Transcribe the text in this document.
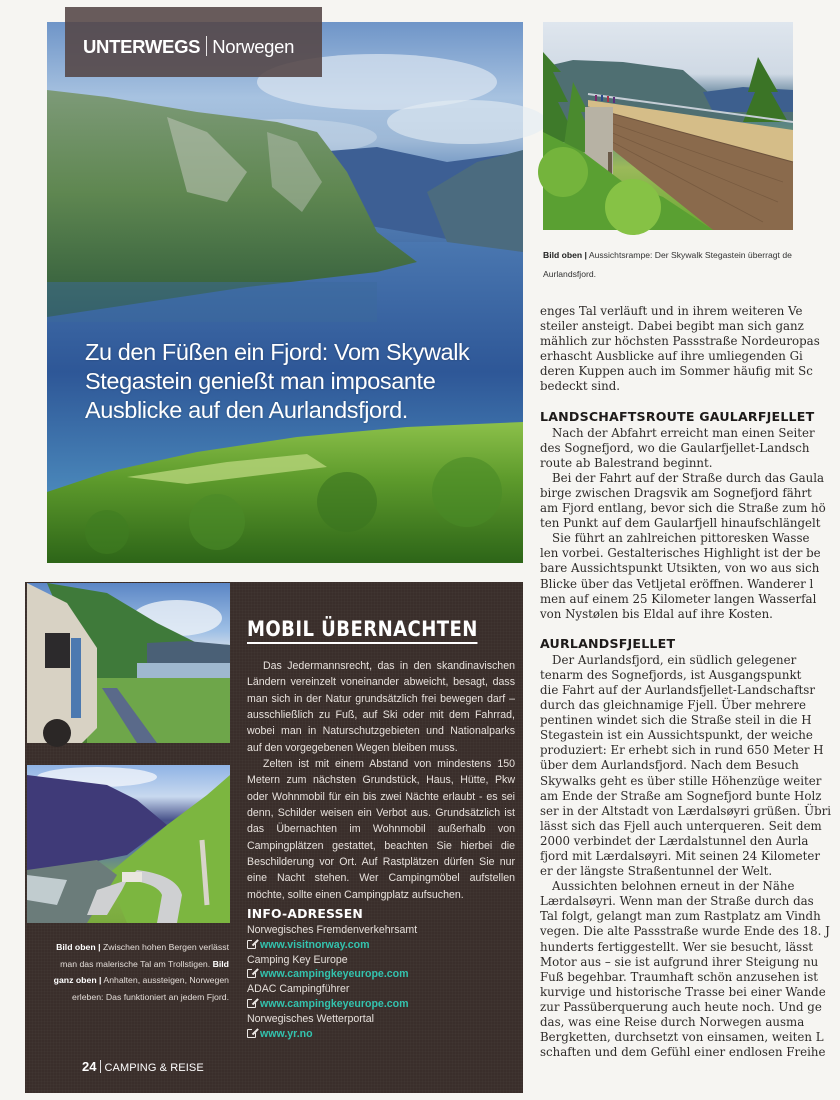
UNTERWEGS Norwegen
Zu den Füßen ein Fjord: Vom Skywalk Stegastein genießt man imposante Ausblicke auf den Aurlandsfjord.
Bild oben | Aussichtsrampe: Der Skywalk Stegastein überragt de
Aurlandsfjord.
enges Tal verläuft und in ihrem weiteren Ve
steiler ansteigt. Dabei begibt man sich ganz
mählich zur höchsten Passstraße Nordeuropas
erhascht Ausblicke auf ihre umliegenden Gi
deren Kuppen auch im Sommer häufig mit Sc
bedeckt sind.
LANDSCHAFTSROUTE GAULARFJELLET
Nach der Abfahrt erreicht man einen Seiter
des Sognefjord, wo die Gaularfjellet-Landsch
route ab Balestrand beginnt.
Bei der Fahrt auf der Straße durch das Gaula
birge zwischen Dragsvik am Sognefjord fährt
am Fjord entlang, bevor sich die Straße zum hö
ten Punkt auf dem Gaularfjell hinaufschlängelt
Sie führt an zahlreichen pittoresken Wasse
len vorbei. Gestalterisches Highlight ist der be
bare Aussichtspunkt Utsikten, von wo aus sich
Blicke über das Vetljetal eröffnen. Wanderer l
men auf einem 25 Kilometer langen Wasserfal
von Nystølen bis Eldal auf ihre Kosten.
AURLANDSFJELLET
Der Aurlandsfjord, ein südlich gelegener
tenarm des Sognefjords, ist Ausgangspunkt
die Fahrt auf der Aurlandsfjellet-Landschaftsr
durch das gleichnamige Fjell. Über mehrere
pentinen windet sich die Straße steil in die H
Stegastein ist ein Aussichtspunkt, der weiche
produziert: Er erhebt sich in rund 650 Meter H
über dem Aurlandsfjord. Nach dem Besuch
Skywalks geht es über stille Höhenzüge weiter
am Ende der Straße am Sognefjord bunte Holz
ser in der Altstadt von Lærdalsøyri grüßen. Übri
lässt sich das Fjell auch unterqueren. Seit dem
2000 verbindet der Lærdalstunnel den Aurla
fjord mit Lærdalsøyri. Mit seinen 24 Kilometer
er der längste Straßentunnel der Welt.
Aussichten belohnen erneut in der Nähe
Lærdalsøyri. Wenn man der Straße durch das
Tal folgt, gelangt man zum Rastplatz am Vindh
vegen. Die alte Passstraße wurde Ende des 18. J
hunderts fertiggestellt. Wer sie besucht, lässt
Motor aus – sie ist aufgrund ihrer Steigung nu
Fuß begehbar. Traumhaft schön anzusehen ist
kurvige und historische Trasse bei einer Wande
zur Passüberquerung auch heute noch. Und ge
das, was eine Reise durch Norwegen ausma
Bergketten, durchsetzt von einsamen, weiten L
schaften und dem Gefühl einer endlosen Freihe
MOBIL ÜBERNACHTEN

Das Jedermannsrecht, das in den skandinavischen Ländern vereinzelt voneinander abweicht, besagt, dass man sich in der Natur grundsätzlich frei bewegen darf – ausschließlich zu Fuß, auf Ski oder mit dem Fahrrad, wobei man in Naturschutzgebieten und Nationalparks auf den vorgegebenen Wegen bleiben muss.

Zelten ist mit einem Abstand von mindestens 150 Metern zum nächsten Grundstück, Haus, Hütte, Pkw oder Wohnmobil für ein bis zwei Nächte erlaubt - es sei denn, Schilder weisen ein Verbot aus. Grundsätzlich ist das Übernachten im Wohnmobil außerhalb von Campingplätzen gestattet, beachten Sie hierbei die Beschilderung vor Ort. Auf Rastplätzen dürfen Sie nur eine Nacht stehen. Wer Campingmöbel aufstellen möchte, sollte einen Campingplatz aufsuchen.

INFO-ADRESSEN
Norwegisches Fremdenverkehrsamt
www.visitnorway.com
Camping Key Europe
www.campingkeyeurope.com
ADAC Campingführer
www.campingkeyeurope.com
Norwegisches Wetterportal
www.yr.no
Bild oben | Zwischen hohen Bergen verlässt man das malerische Tal am Trollstigen. Bild ganz oben | Anhalten, aussteigen, Norwegen erleben: Das funktioniert an jedem Fjord.
24 CAMPING & REISE
